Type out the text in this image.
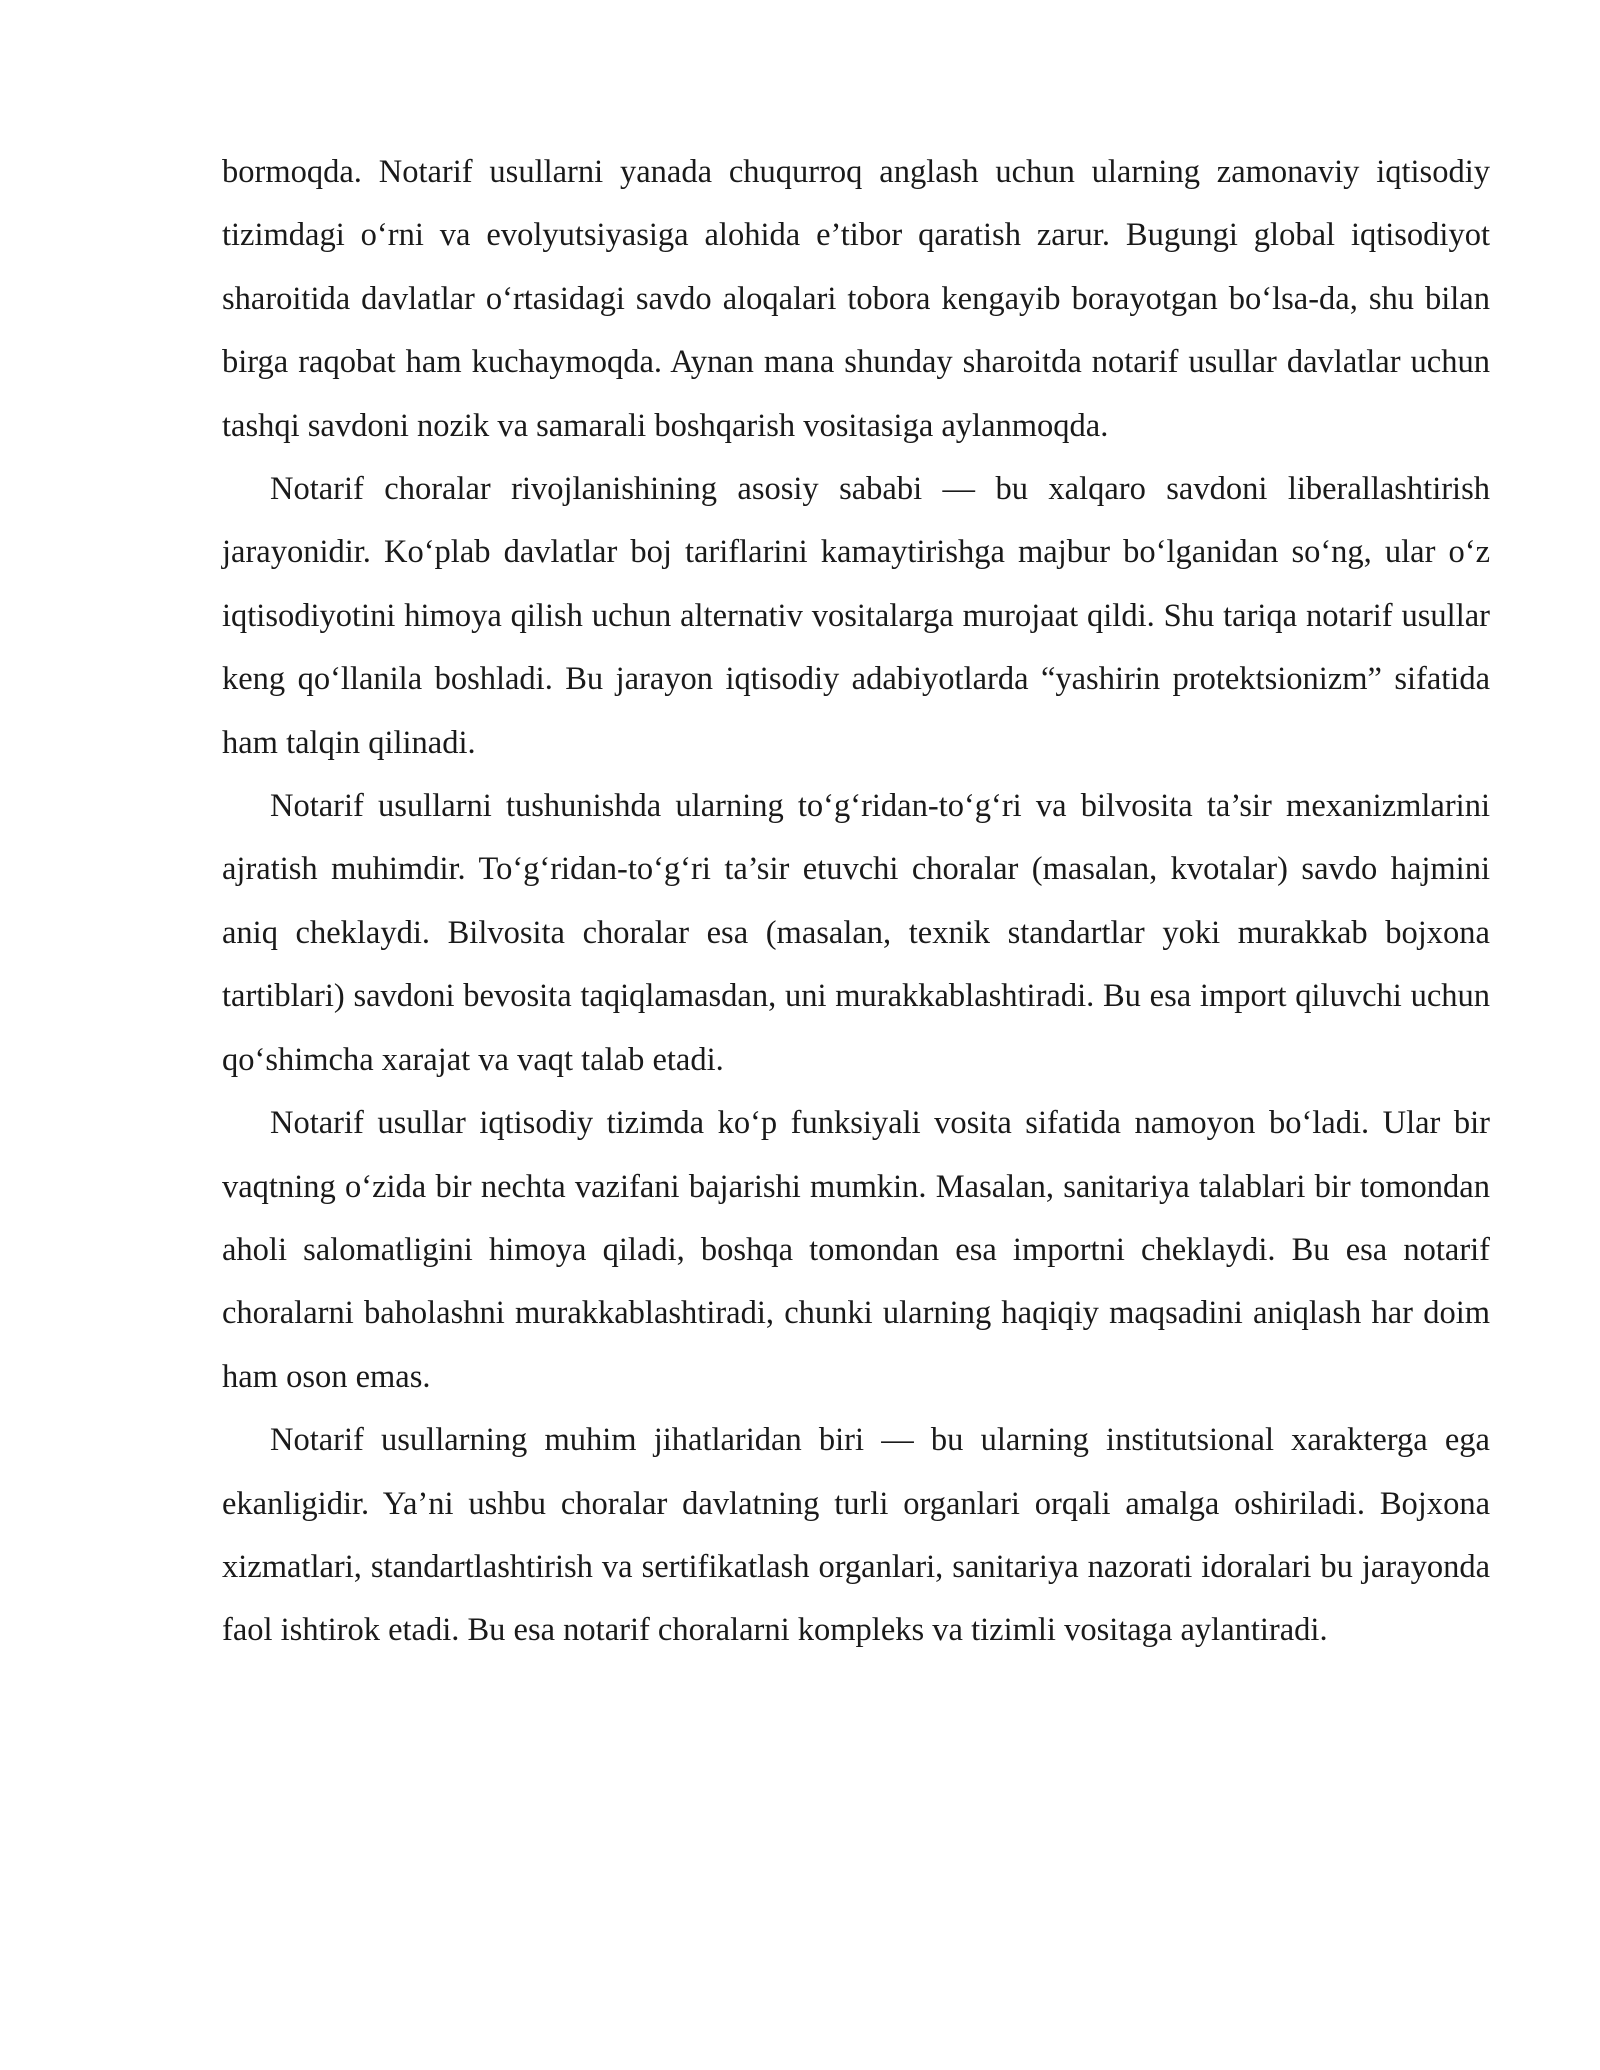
bormoqda. Notarif usullarni yanada chuqurroq anglash uchun ularning zamonaviy iqtisodiy tizimdagi o‘rni va evolyutsiyasiga alohida e’tibor qaratish zarur. Bugungi global iqtisodiyot sharoitida davlatlar o‘rtasidagi savdo aloqalari tobora kengayib borayotgan bo‘lsa-da, shu bilan birga raqobat ham kuchaymoqda. Aynan mana shunday sharoitda notarif usullar davlatlar uchun tashqi savdoni nozik va samarali boshqarish vositasiga aylanmoqda.

Notarif choralar rivojlanishining asosiy sababi — bu xalqaro savdoni liberallashtirish jarayonidir. Ko‘plab davlatlar boj tariflarini kamaytirishga majbur bo‘lganidan so‘ng, ular o‘z iqtisodiyotini himoya qilish uchun alternativ vositalarga murojaat qildi. Shu tariqa notarif usullar keng qo‘llanila boshladi. Bu jarayon iqtisodiy adabiyotlarda “yashirin protektsionizm” sifatida ham talqin qilinadi.

Notarif usullarni tushunishda ularning to‘g‘ridan-to‘g‘ri va bilvosita ta’sir mexanizmlarini ajratish muhimdir. To‘g‘ridan-to‘g‘ri ta’sir etuvchi choralar (masalan, kvotalar) savdo hajmini aniq cheklaydi. Bilvosita choralar esa (masalan, texnik standartlar yoki murakkab bojxona tartiblari) savdoni bevosita taqiqlamasdan, uni murakkablashtiradi. Bu esa import qiluvchi uchun qo‘shimcha xarajat va vaqt talab etadi.

Notarif usullar iqtisodiy tizimda ko‘p funksiyali vosita sifatida namoyon bo‘ladi. Ular bir vaqtning o‘zida bir nechta vazifani bajarishi mumkin. Masalan, sanitariya talablari bir tomondan aholi salomatligini himoya qiladi, boshqa tomondan esa importni cheklaydi. Bu esa notarif choralarni baholashni murakkablashtiradi, chunki ularning haqiqiy maqsadini aniqlash har doim ham oson emas.

Notarif usullarning muhim jihatlaridan biri — bu ularning institutsional xarakterga ega ekanligidir. Ya’ni ushbu choralar davlatning turli organlari orqali amalga oshiriladi. Bojxona xizmatlari, standartlashtirish va sertifikatlash organlari, sanitariya nazorati idoralari bu jarayonda faol ishtirok etadi. Bu esa notarif choralarni kompleks va tizimli vositaga aylantiradi.
